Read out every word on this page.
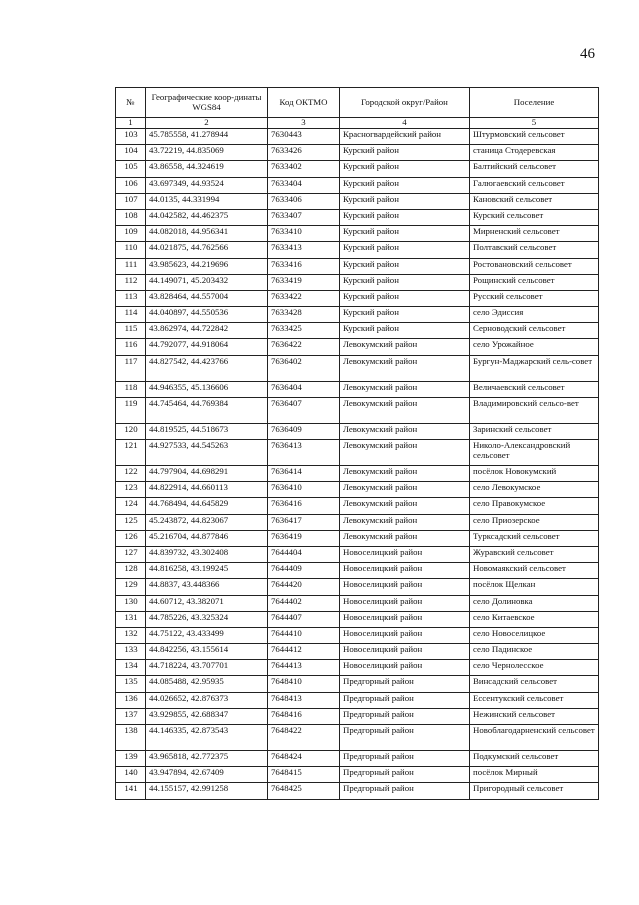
46
№	Географические коор-динаты WGS84	Код ОКТМО	Городской округ/Район	Поселение
1	2	3	4	5
103	45.785558, 41.278944	7630443	Красногвардейский район	Штурмовский сельсовет
104	43.72219, 44.835069	7633426	Курский район	станица Стодеревская
105	43.86558, 44.324619	7633402	Курский район	Балтийский сельсовет
106	43.697349, 44.93524	7633404	Курский район	Галюгаевский сельсовет
107	44.0135, 44.331994	7633406	Курский район	Кановский сельсовет
108	44.042582, 44.462375	7633407	Курский район	Курский сельсовет
109	44.082018, 44.956341	7633410	Курский район	Мирненский сельсовет
110	44.021875, 44.762566	7633413	Курский район	Полтавский сельсовет
111	43.985623, 44.219696	7633416	Курский район	Ростовановский сельсовет
112	44.149071, 45.203432	7633419	Курский район	Рощинский сельсовет
113	43.828464, 44.557004	7633422	Курский район	Русский сельсовет
114	44.040897, 44.550536	7633428	Курский район	село Эдиссия
115	43.862974, 44.722842	7633425	Курский район	Серноводский сельсовет
116	44.792077, 44.918064	7636422	Левокумский район	село Урожайное
117	44.827542, 44.423766	7636402	Левокумский район	Бургун-Маджарский сель-совет
118	44.946355, 45.136606	7636404	Левокумский район	Величаевский сельсовет
119	44.745464, 44.769384	7636407	Левокумский район	Владимировский сельсо-вет
120	44.819525, 44.518673	7636409	Левокумский район	Заринский сельсовет
121	44.927533, 44.545263	7636413	Левокумский район	Николо-Александровский сельсовет
122	44.797904, 44.698291	7636414	Левокумский район	посёлок Новокумский
123	44.822914, 44.660113	7636410	Левокумский район	село Левокумское
124	44.768494, 44.645829	7636416	Левокумский район	село Правокумское
125	45.243872, 44.823067	7636417	Левокумский район	село Приозерское
126	45.216704, 44.877846	7636419	Левокумский район	Турксадский сельсовет
127	44.839732, 43.302408	7644404	Новоселицкий район	Журавский сельсовет
128	44.816258, 43.199245	7644409	Новоселицкий район	Новомаякский сельсовет
129	44.8837, 43.448366	7644420	Новоселицкий район	посёлок Щелкан
130	44.60712, 43.382071	7644402	Новоселицкий район	село Долиновка
131	44.785226, 43.325324	7644407	Новоселицкий район	село Китаевское
132	44.75122, 43.433499	7644410	Новоселицкий район	село Новоселицкое
133	44.842256, 43.155614	7644412	Новоселицкий район	село Падинское
134	44.718224, 43.707701	7644413	Новоселицкий район	село Чернолесское
135	44.085488, 42.95935	7648410	Предгорный район	Винсадский сельсовет
136	44.026652, 42.876373	7648413	Предгорный район	Ессентукский сельсовет
137	43.929855, 42.688347	7648416	Предгорный район	Нежинский сельсовет
138	44.146335, 42.873543	7648422	Предгорный район	Новоблагодарненский сельсовет
139	43.965818, 42.772375	7648424	Предгорный район	Подкумский сельсовет
140	43.947894, 42.67409	7648415	Предгорный район	посёлок Мирный
141	44.155157, 42.991258	7648425	Предгорный район	Пригородный сельсовет
